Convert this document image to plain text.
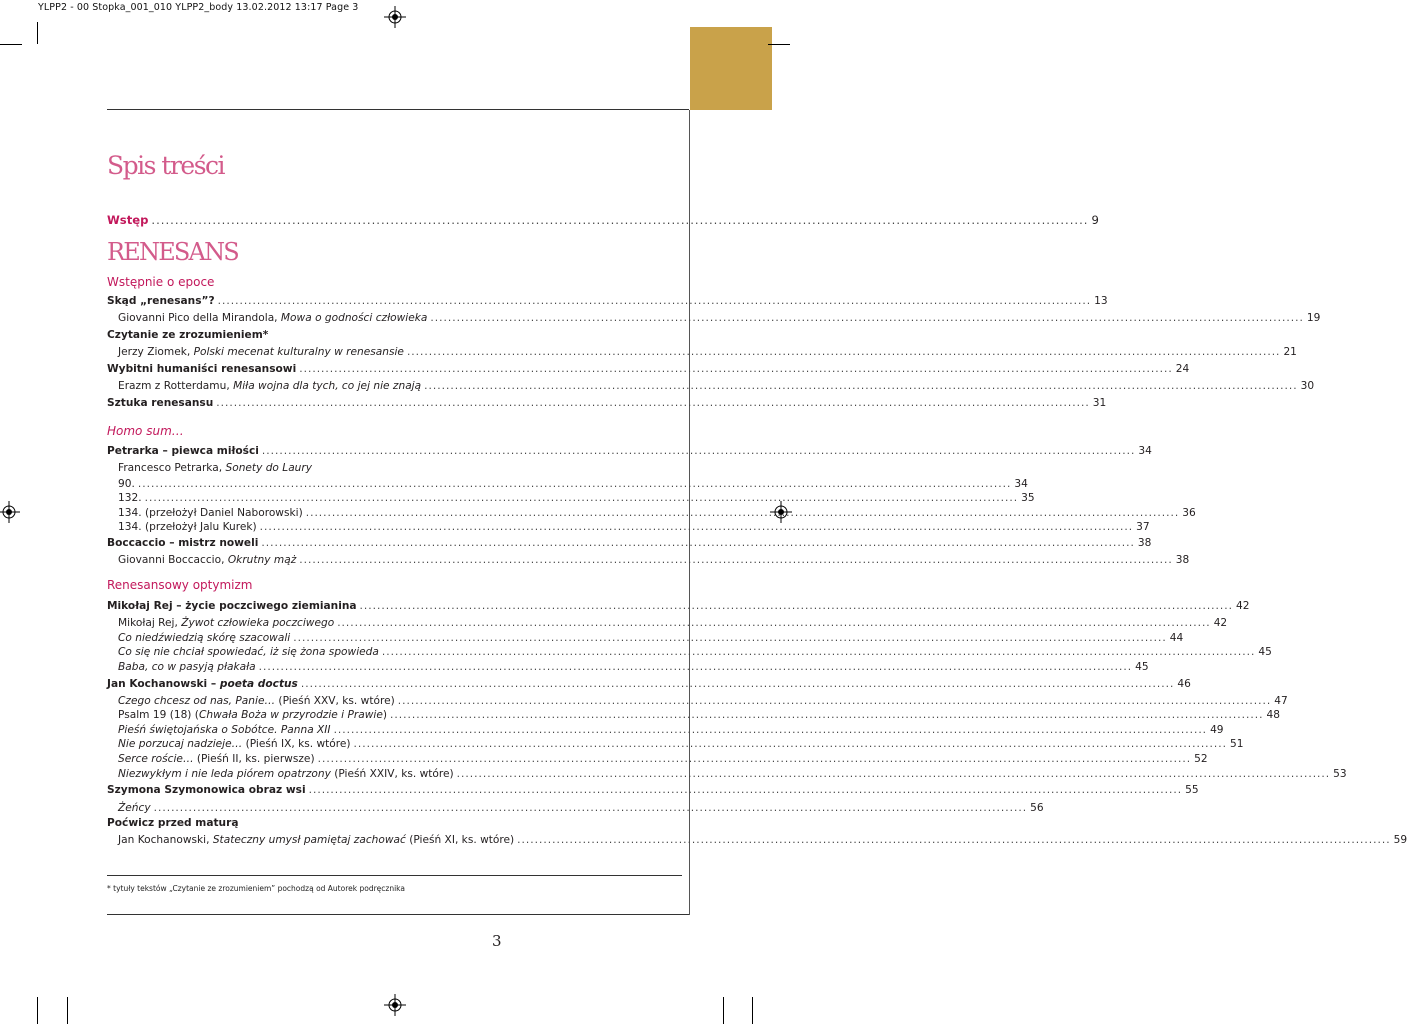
YLPP2 - 00 Stopka_001_010 YLPP2_body 13.02.2012 13:17 Page 3
Spis treści
Wstęp .....	9
RENESANS
Wstępnie o epoce
Homo sum…
Renesansowy optymizm
Skąd „renesans”? .....	13
Giovanni Pico della Mirandola, Mowa o godności człowieka .....	19
Czytanie ze zrozumieniem*
Jerzy Ziomek, Polski mecenat kulturalny w renesansie .....	21
Wybitni humaniści renesansowi .....	24
Erazm z Rotterdamu, Miła wojna dla tych, co jej nie znają .....	30
Sztuka renesansu .....	31
Petrarka – piewca miłości .....	34
Francesco Petrarka, Sonety do Laury
90. .....	34
132. .....	35
134. (przełożył Daniel Naborowski) .....	36
134. (przełożył Jalu Kurek) .....	37
Boccaccio – mistrz noweli .....	38
Giovanni Boccaccio, Okrutny mąż .....	38
Mikołaj Rej – życie poczciwego ziemianina .....	42
Mikołaj Rej, Żywot człowieka poczciwego .....	42
Co niedźwiedzią skórę szacowali .....	44
Co się nie chciał spowiedać, iż się żona spowieda .....	45
Baba, co w pasyją płakała .....	45
Jan Kochanowski – poeta doctus .....	46
Czego chcesz od nas, Panie… (Pieśń XXV, ks. wtóre) .....	47
Psalm 19 (18) (Chwała Boża w przyrodzie i Prawie) .....	48
Pieśń świętojańska o Sobótce. Panna XII .....	49
Nie porzucaj nadzieje… (Pieśń IX, ks. wtóre) .....	51
Serce roście… (Pieśń II, ks. pierwsze) .....	52
Niezwykłym i nie leda piórem opatrzony (Pieśń XXIV, ks. wtóre) .....	53
Szymona Szymonowica obraz wsi .....	55
Żeńcy .....	56
Poćwicz przed maturą
Jan Kochanowski, Stateczny umysł pamiętaj zachować (Pieśń XI, ks. wtóre) .....	59
* tytuły tekstów „Czytanie ze zrozumieniem” pochodzą od Autorek podręcznika
3
